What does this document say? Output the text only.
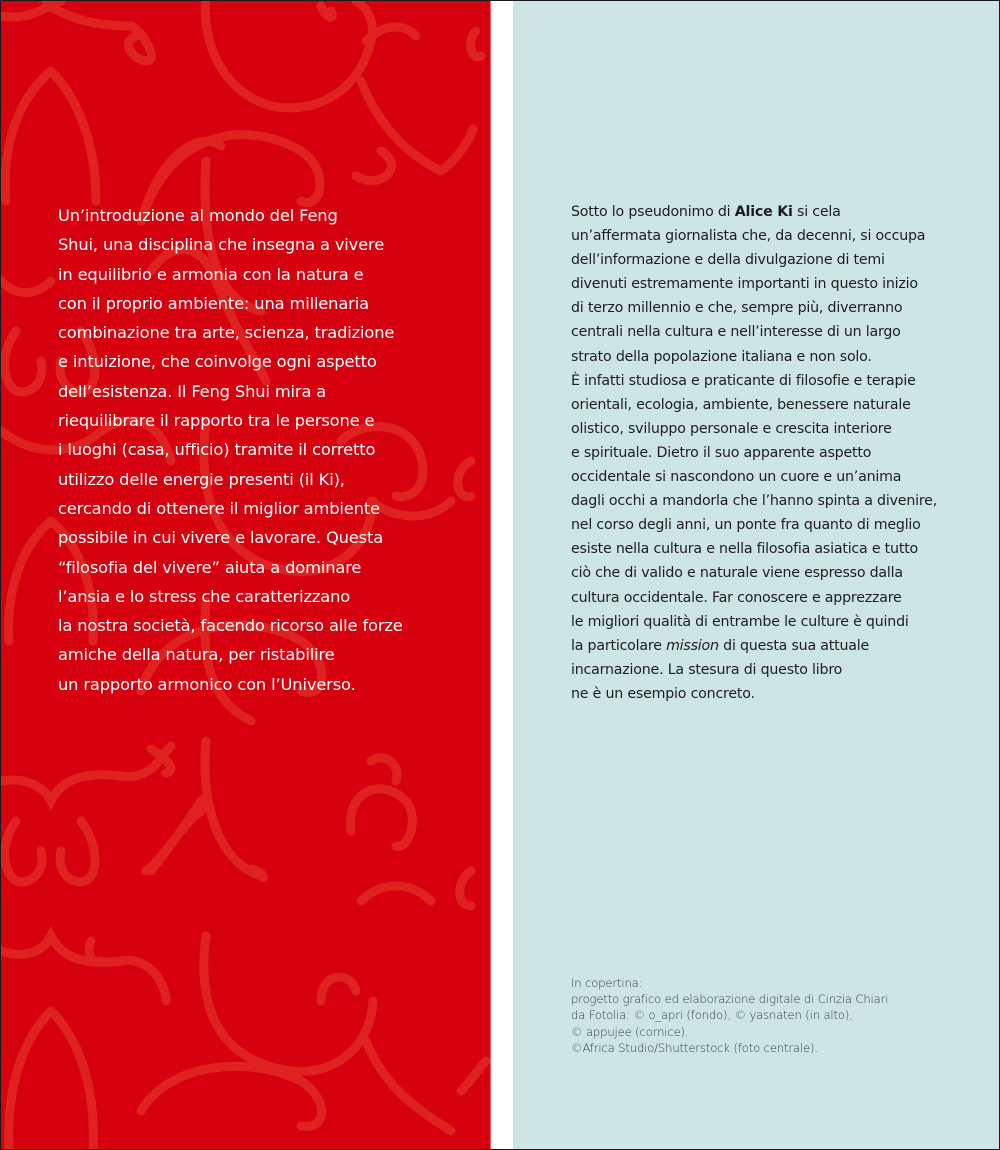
Un’introduzione al mondo del Feng
Shui, una disciplina che insegna a vivere
in equilibrio e armonia con la natura e
con il proprio ambiente: una millenaria
combinazione tra arte, scienza, tradizione
e intuizione, che coinvolge ogni aspetto
dell’esistenza. Il Feng Shui mira a
riequilibrare il rapporto tra le persone e
i luoghi (casa, ufficio) tramite il corretto
utilizzo delle energie presenti (il Ki),
cercando di ottenere il miglior ambiente
possibile in cui vivere e lavorare. Questa
“filosofia del vivere” aiuta a dominare
l’ansia e lo stress che caratterizzano
la nostra società, facendo ricorso alle forze
amiche della natura, per ristabilire
un rapporto armonico con l’Universo.
Sotto lo pseudonimo di Alice Ki si cela
un’affermata giornalista che, da decenni, si occupa
dell’informazione e della divulgazione di temi
divenuti estremamente importanti in questo inizio
di terzo millennio e che, sempre più, diverranno
centrali nella cultura e nell’interesse di un largo
strato della popolazione italiana e non solo.
È infatti studiosa e praticante di filosofie e terapie
orientali, ecologia, ambiente, benessere naturale
olistico, sviluppo personale e crescita interiore
e spirituale. Dietro il suo apparente aspetto
occidentale si nascondono un cuore e un’anima
dagli occhi a mandorla che l’hanno spinta a divenire,
nel corso degli anni, un ponte fra quanto di meglio
esiste nella cultura e nella filosofia asiatica e tutto
ciò che di valido e naturale viene espresso dalla
cultura occidentale. Far conoscere e apprezzare
le migliori qualità di entrambe le culture è quindi
la particolare mission di questa sua attuale
incarnazione. La stesura di questo libro
ne è un esempio concreto.
In copertina:
progetto grafico ed elaborazione digitale di Cinzia Chiari
da Fotolia: © o_apri (fondo), © yasnaten (in alto),
© appujee (cornice).
©Africa Studio/Shutterstock (foto centrale).
